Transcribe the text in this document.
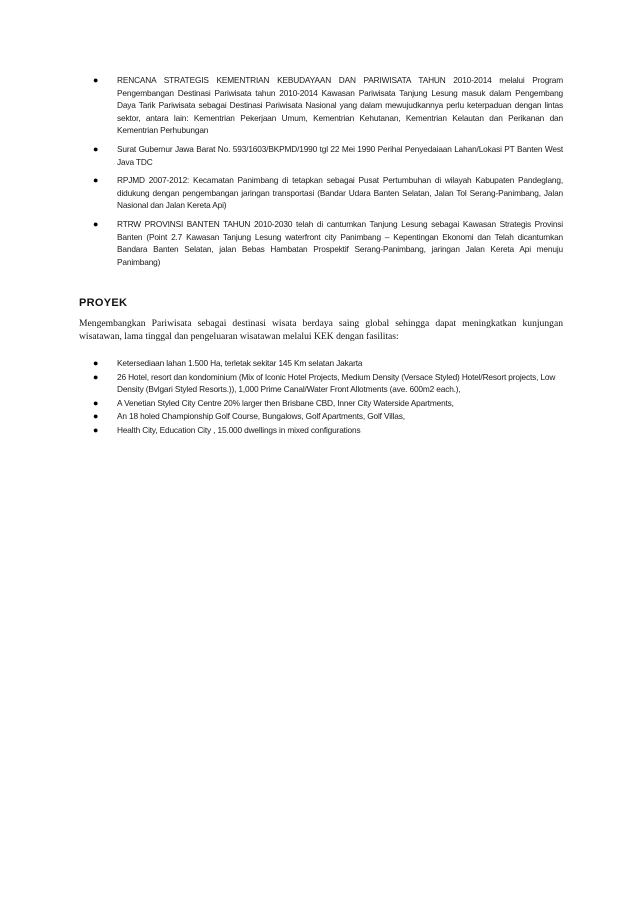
● RENCANA STRATEGIS KEMENTRIAN KEBUDAYAAN DAN PARIWISATA TAHUN 2010-2014 melalui Program Pengembangan Destinasi Pariwisata tahun 2010-2014 Kawasan Pariwisata Tanjung Lesung masuk dalam Pengembang Daya Tarik Pariwisata sebagai Destinasi Pariwisata Nasional yang dalam mewujudkannya perlu keterpaduan dengan lintas sektor, antara lain: Kementrian Pekerjaan Umum, Kementrian Kehutanan, Kementrian Kelautan dan Perikanan dan Kementrian Perhubungan
● Surat Gubernur Jawa Barat No. 593/1603/BKPMD/1990 tgl 22 Mei 1990 Perihal Penyedaiaan Lahan/Lokasi PT Banten West Java TDC
● RPJMD 2007-2012: Kecamatan Panimbang di tetapkan sebagai Pusat Pertumbuhan di wilayah Kabupaten Pandeglang, didukung dengan pengembangan jaringan transportasi (Bandar Udara Banten Selatan, Jalan Tol Serang-Panimbang, Jalan Nasional dan Jalan Kereta Api)
● RTRW PROVINSI BANTEN TAHUN 2010-2030 telah di cantumkan Tanjung Lesung sebagai Kawasan Strategis Provinsi Banten (Point 2.7 Kawasan Tanjung Lesung waterfront city Panimbang – Kepentingan Ekonomi dan Telah dicantumkan Bandara Banten Selatan, jalan Bebas Hambatan Prospektif Serang-Panimbang, jaringan Jalan Kereta Api menuju Panimbang)
PROYEK

Mengembangkan Pariwisata sebagai destinasi wisata berdaya saing global sehingga dapat meningkatkan kunjungan wisatawan, lama tinggal dan pengeluaran wisatawan melalui KEK dengan fasilitas:

● Ketersediaan lahan 1.500 Ha, terletak sekitar 145 Km selatan Jakarta
● 26 Hotel, resort dan kondominium (Mix of Iconic Hotel Projects, Medium Density (Versace Styled) Hotel/Resort projects, Low Density (Bvlgari Styled Resorts.)), 1,000 Prime Canal/Water Front Allotments (ave. 600m2 each.),
● A Venetian Styled City Centre 20% larger then Brisbane CBD, Inner City Waterside Apartments,
● An 18 holed Championship Golf Course, Bungalows, Golf Apartments, Golf Villas,
● Health City, Education City , 15.000 dwellings in mixed configurations
